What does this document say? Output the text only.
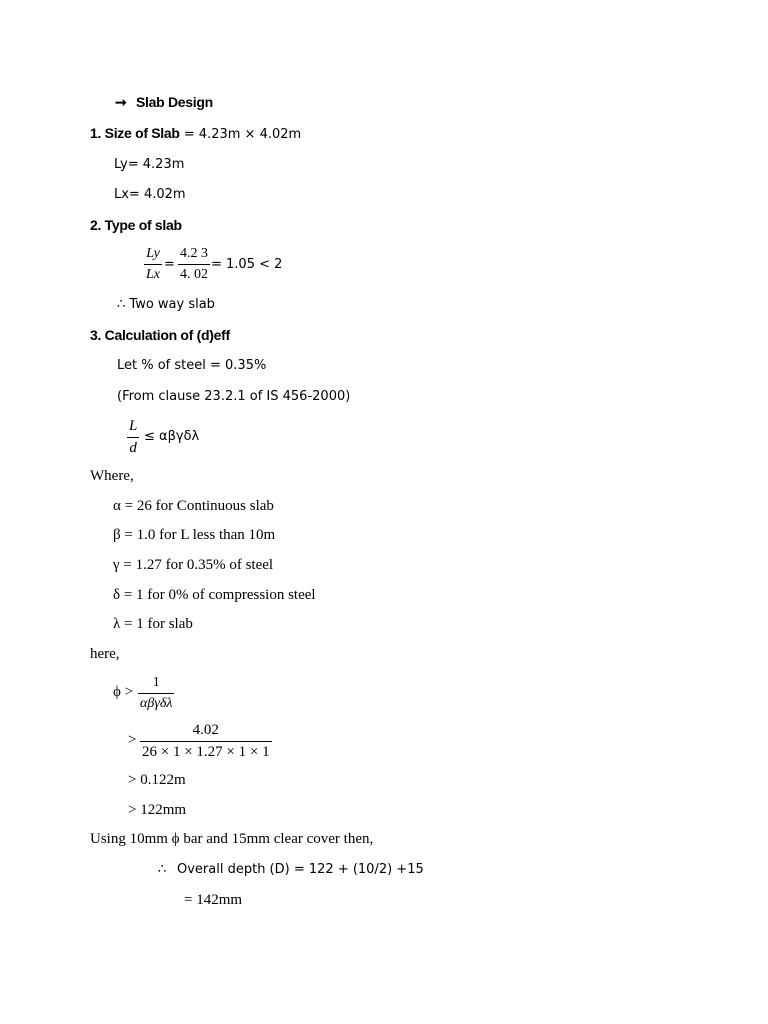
➞ Slab Design
1. Size of Slab = 4.23m × 4.02m
Ly= 4.23m
Lx= 4.02m
2. Type of slab
$\frac{Ly}{Lx} = \frac{4.2 3}{4. 02} = 1.05 < 2$
∴ Two way slab
3. Calculation of (d)eff
Let % of steel = 0.35%
(From clause 23.2.1 of IS 456-2000)
$\frac{L}{d} \le \alpha\beta\gamma\delta\lambda$
Where,
α = 26 for Continuous slab
β = 1.0 for L less than 10m
γ = 1.27 for 0.35% of steel
δ = 1 for 0% of compression steel
λ = 1 for slab
here,
ϕ >
1
αβγδλ
> $\frac{4.02}{26 \times 1 \times 1.27 \times 1 \times 1}$
> 0.122m
> 122mm
Using 10mm ϕ bar and 15mm clear cover then,
∴ Overall depth (D) = 122 + (10/2) +15
= 142mm
